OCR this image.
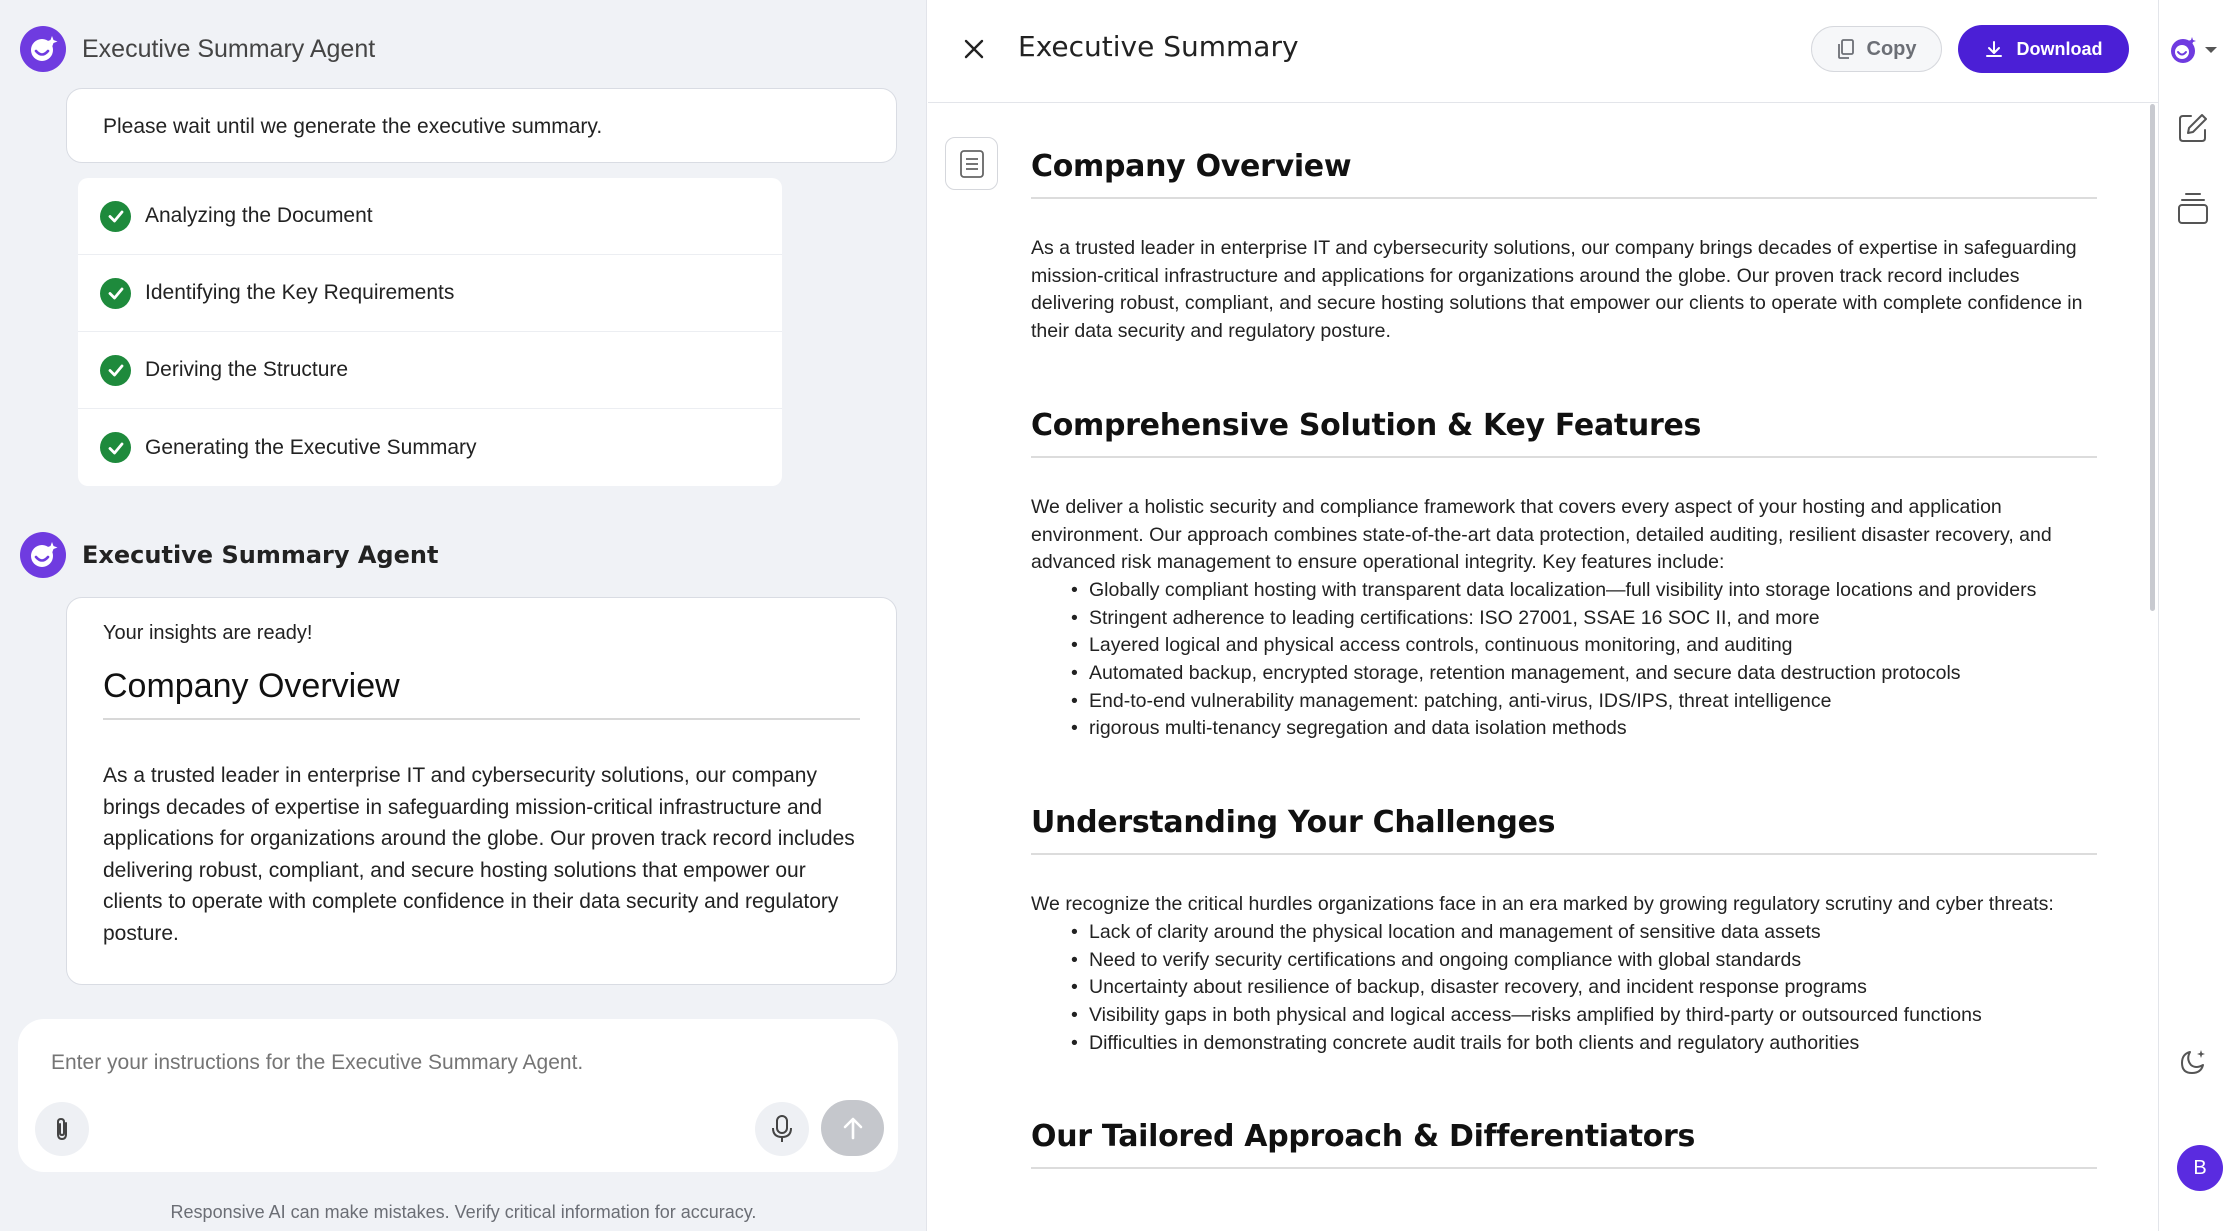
Executive Summary Agent
Please wait until we generate the executive summary.
Analyzing the Document
Identifying the Key Requirements
Deriving the Structure
Generating the Executive Summary
Executive Summary Agent
Your insights are ready!
Company Overview

As a trusted leader in enterprise IT and cybersecurity solutions, our company brings decades of expertise in safeguarding mission-critical infrastructure and applications for organizations around the globe. Our proven track record includes delivering robust, compliant, and secure hosting solutions that empower our clients to operate with complete confidence in their data security and regulatory posture.

Enter your instructions for the Executive Summary Agent.
Responsive AI can make mistakes. Verify critical information for accuracy.
Executive Summary	Copy	Download
Company Overview

As a trusted leader in enterprise IT and cybersecurity solutions, our company brings decades of expertise in safeguarding mission-critical infrastructure and applications for organizations around the globe. Our proven track record includes delivering robust, compliant, and secure hosting solutions that empower our clients to operate with complete confidence in their data security and regulatory posture.

Comprehensive Solution & Key Features

We deliver a holistic security and compliance framework that covers every aspect of your hosting and application environment. Our approach combines state-of-the-art data protection, detailed auditing, resilient disaster recovery, and advanced risk management to ensure operational integrity. Key features include:

• Globally compliant hosting with transparent data localization—full visibility into storage locations and providers
• Stringent adherence to leading certifications: ISO 27001, SSAE 16 SOC II, and more
• Layered logical and physical access controls, continuous monitoring, and auditing
• Automated backup, encrypted storage, retention management, and secure data destruction protocols
• End-to-end vulnerability management: patching, anti-virus, IDS/IPS, threat intelligence
• rigorous multi-tenancy segregation and data isolation methods
Understanding Your Challenges

We recognize the critical hurdles organizations face in an era marked by growing regulatory scrutiny and cyber threats:

• Lack of clarity around the physical location and management of sensitive data assets
• Need to verify security certifications and ongoing compliance with global standards
• Uncertainty about resilience of backup, disaster recovery, and incident response programs
• Visibility gaps in both physical and logical access—risks amplified by third-party or outsourced functions
• Difficulties in demonstrating concrete audit trails for both clients and regulatory authorities
Our Tailored Approach & Differentiators
B
